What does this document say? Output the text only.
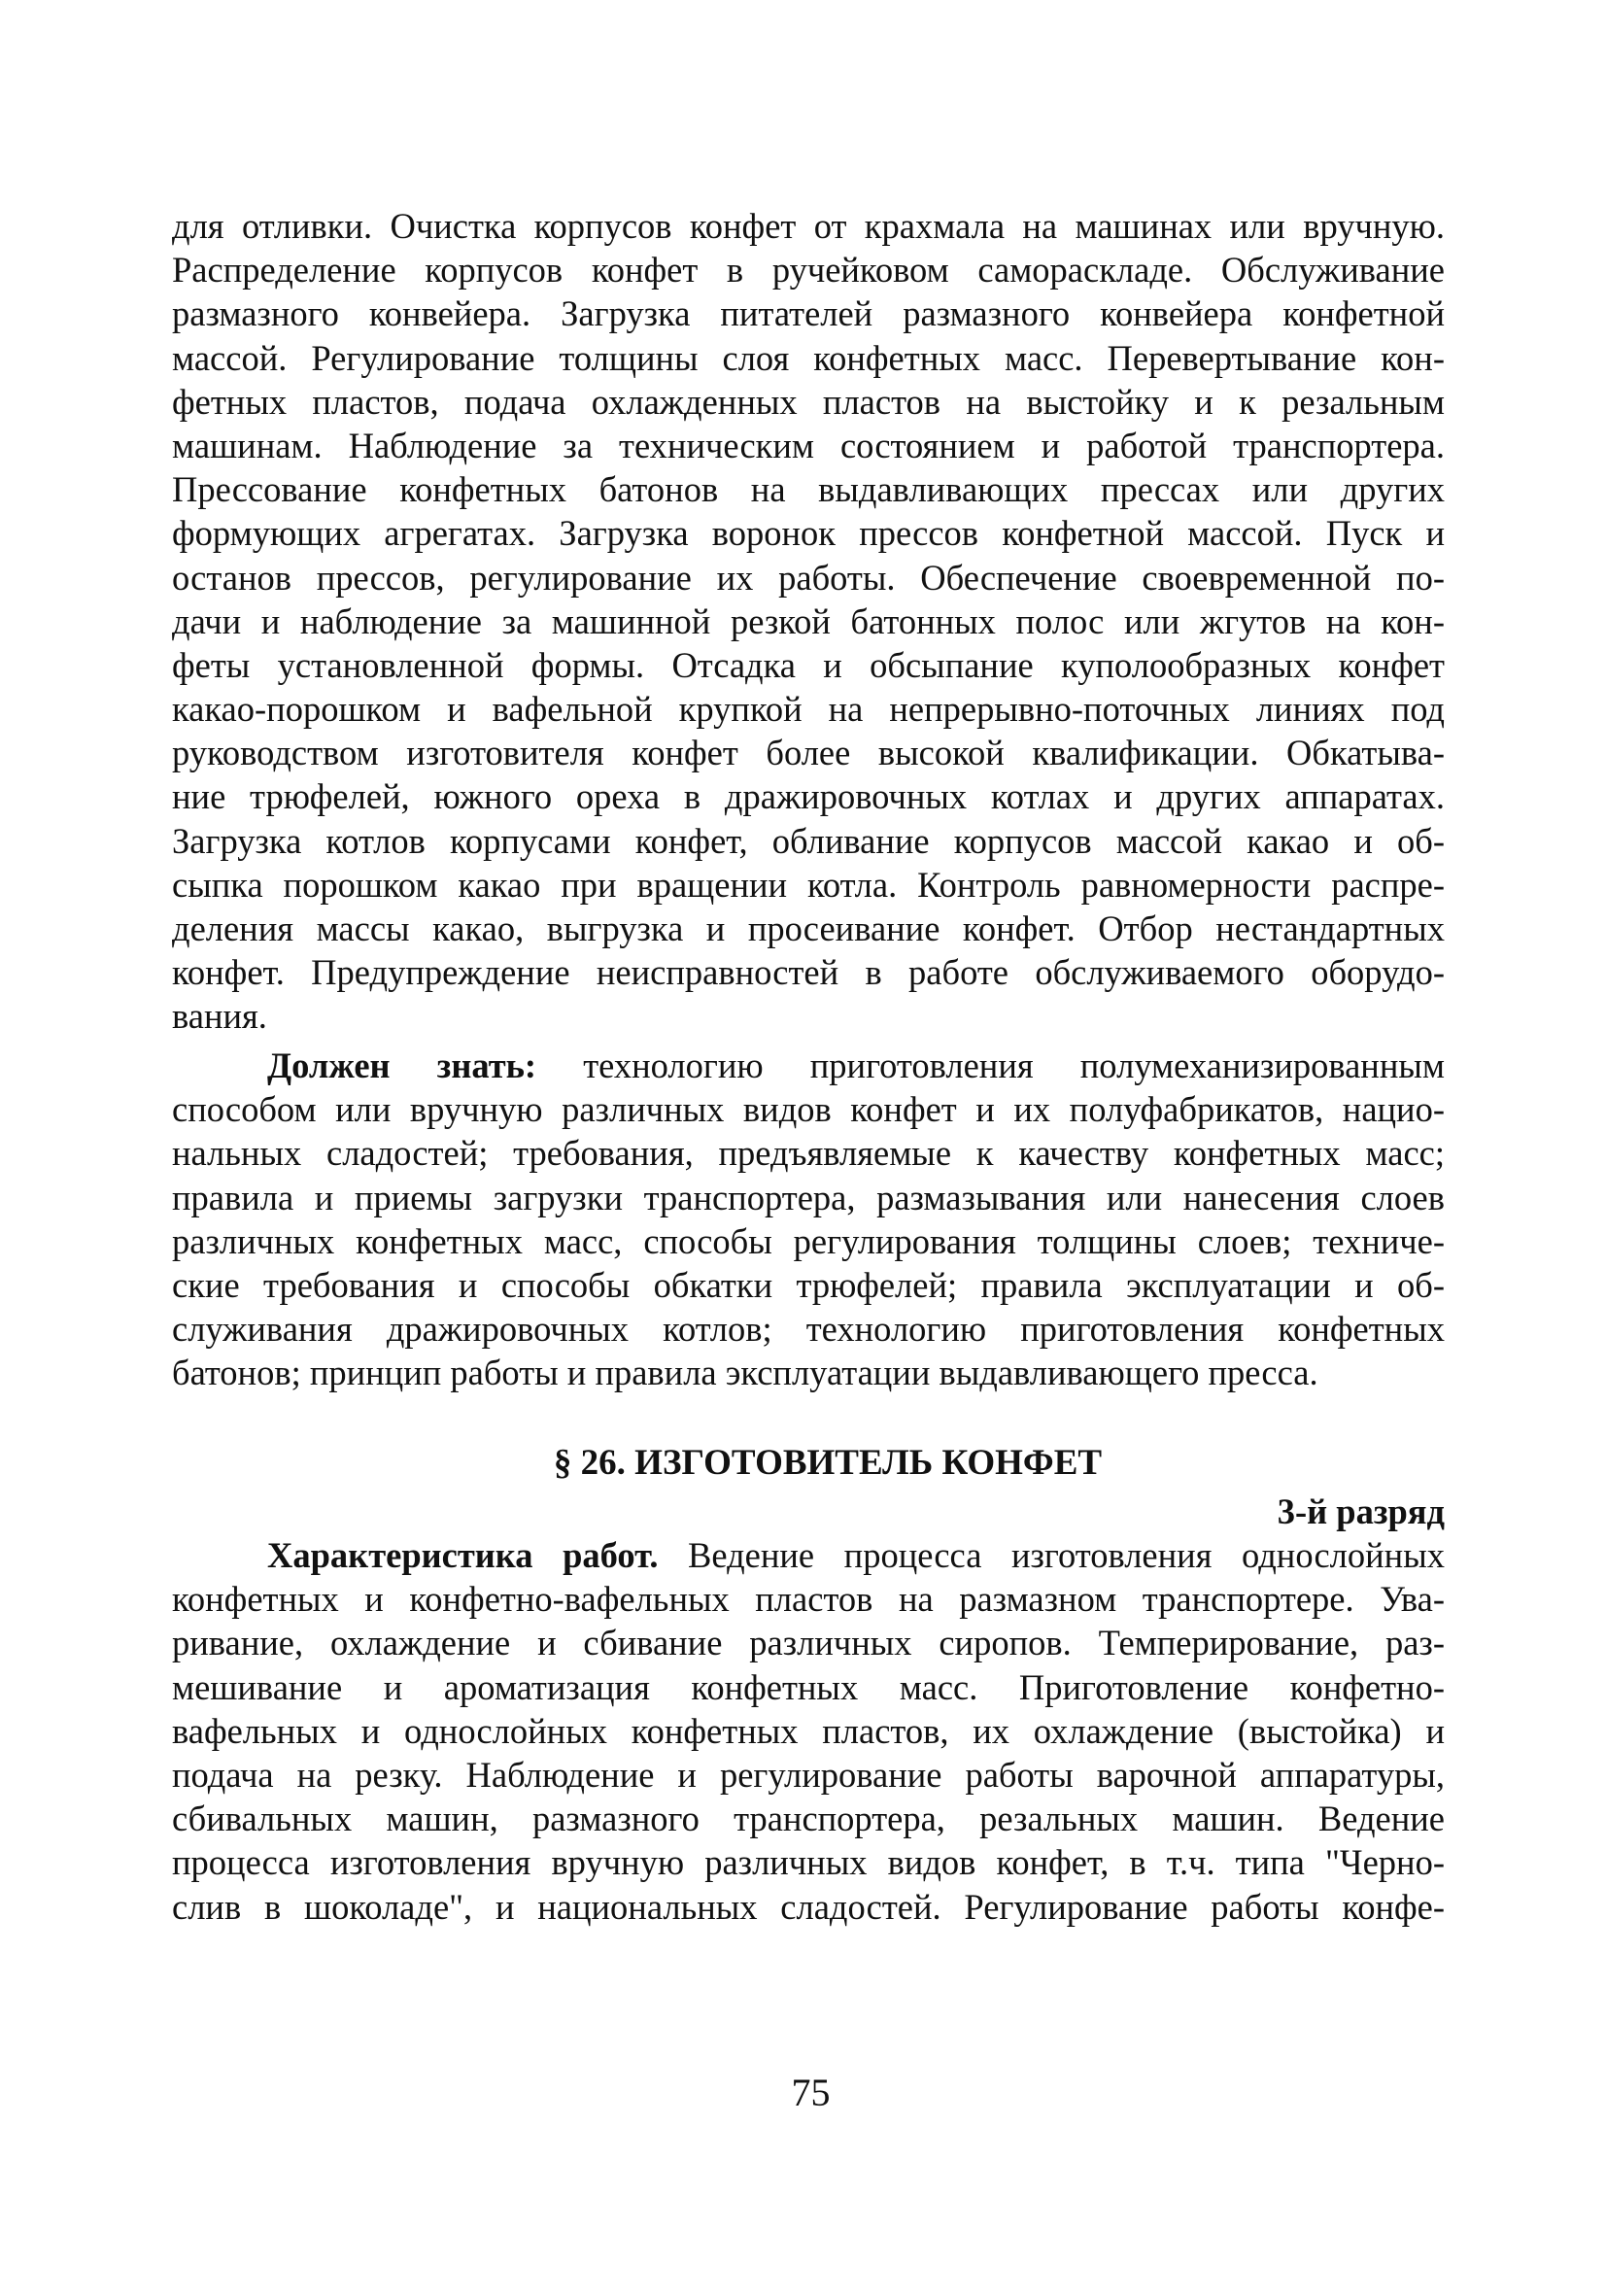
для отливки. Очистка корпусов конфет от крахмала на машинах или вручную.
Распределение корпусов конфет в ручейковом самораскладе. Обслуживание
размазного конвейера. Загрузка питателей размазного конвейера конфетной
массой. Регулирование толщины слоя конфетных масс. Перевертывание кон-
фетных пластов, подача охлажденных пластов на выстойку и к резальным
машинам. Наблюдение за техническим состоянием и работой транспортера.
Прессование конфетных батонов на выдавливающих прессах или других
формующих агрегатах. Загрузка воронок прессов конфетной массой. Пуск и
останов прессов, регулирование их работы. Обеспечение своевременной по-
дачи и наблюдение за машинной резкой батонных полос или жгутов на кон-
феты установленной формы. Отсадка и обсыпание куполообразных конфет
какао-порошком и вафельной крупкой на непрерывно-поточных линиях под
руководством изготовителя конфет более высокой квалификации. Обкатыва-
ние трюфелей, южного ореха в дражировочных котлах и других аппаратах.
Загрузка котлов корпусами конфет, обливание корпусов массой какао и об-
сыпка порошком какао при вращении котла. Контроль равномерности распре-
деления массы какао, выгрузка и просеивание конфет. Отбор нестандартных
конфет. Предупреждение неисправностей в работе обслуживаемого оборудо-
вания.
Должен знать: технологию приготовления полумеханизированным
способом или вручную различных видов конфет и их полуфабрикатов, нацио-
нальных сладостей; требования, предъявляемые к качеству конфетных масс;
правила и приемы загрузки транспортера, размазывания или нанесения слоев
различных конфетных масс, способы регулирования толщины слоев; техниче-
ские требования и способы обкатки трюфелей; правила эксплуатации и об-
служивания дражировочных котлов; технологию приготовления конфетных
батонов; принцип работы и правила эксплуатации выдавливающего пресса.
§ 26. ИЗГОТОВИТЕЛЬ КОНФЕТ
3-й разряд
Характеристика работ. Ведение процесса изготовления однослойных
конфетных и конфетно-вафельных пластов на размазном транспортере. Ува-
ривание, охлаждение и сбивание различных сиропов. Темперирование, раз-
мешивание и ароматизация конфетных масс. Приготовление конфетно-
вафельных и однослойных конфетных пластов, их охлаждение (выстойка) и
подача на резку. Наблюдение и регулирование работы варочной аппаратуры,
сбивальных машин, размазного транспортера, резальных машин. Ведение
процесса изготовления вручную различных видов конфет, в т.ч. типа "Черно-
слив в шоколаде", и национальных сладостей. Регулирование работы конфе-
75
